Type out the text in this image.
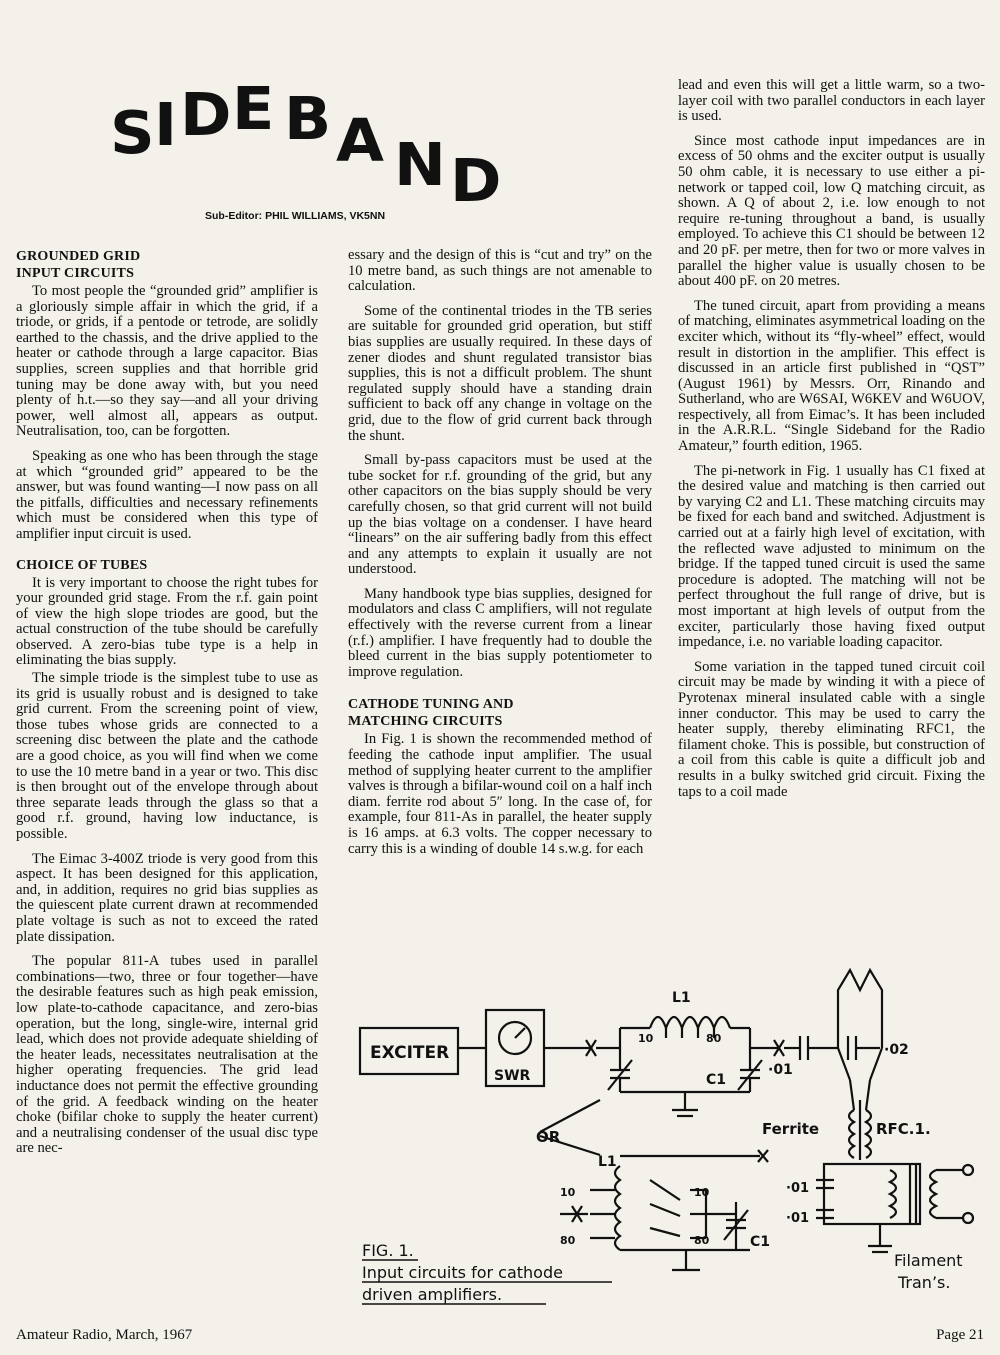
S I D E B A N D
Sub-Editor: PHIL WILLIAMS, VK5NN
GROUNDED GRID
INPUT CIRCUITS

To most people the “grounded grid” amplifier is a gloriously simple affair in which the grid, if a triode, or grids, if a pentode or tetrode, are solidly earthed to the chassis, and the drive applied to the heater or cathode through a large capacitor. Bias supplies, screen supplies and that horrible grid tuning may be done away with, but you need plenty of h.t.—so they say—and all your driving power, well almost all, appears as output. Neutralisation, too, can be forgotten.

Speaking as one who has been through the stage at which “grounded grid” appeared to be the answer, but was found wanting—I now pass on all the pitfalls, difficulties and necessary refinements which must be considered when this type of amplifier input circuit is used.

CHOICE OF TUBES

It is very important to choose the right tubes for your grounded grid stage. From the r.f. gain point of view the high slope triodes are good, but the actual construction of the tube should be carefully observed. A zero-bias tube type is a help in eliminating the bias supply.

The simple triode is the simplest tube to use as its grid is usually robust and is designed to take grid current. From the screening point of view, those tubes whose grids are connected to a screening disc between the plate and the cathode are a good choice, as you will find when we come to use the 10 metre band in a year or two. This disc is then brought out of the envelope through about three separate leads through the glass so that a good r.f. ground, having low inductance, is possible.

The Eimac 3-400Z triode is very good from this aspect. It has been designed for this application, and, in addition, requires no grid bias supplies as the quiescent plate current drawn at recommended plate voltage is such as not to exceed the rated plate dissipation.

The popular 811-A tubes used in parallel combinations—two, three or four together—have the desirable features such as high peak emission, low plate-to-cathode capacitance, and zero-bias operation, but the long, single-wire, internal grid lead, which does not provide adequate shielding of the heater leads, necessitates neutralisation at the higher operating frequencies. The grid lead inductance does not permit the effective grounding of the grid. A feedback winding on the heater choke (bifilar choke to supply the heater current) and a neutralising condenser of the usual disc type are nec-

essary and the design of this is “cut and try” on the 10 metre band, as such things are not amenable to calculation.

Some of the continental triodes in the TB series are suitable for grounded grid operation, but stiff bias supplies are usually required. In these days of zener diodes and shunt regulated transistor bias supplies, this is not a difficult problem. The shunt regulated supply should have a standing drain sufficient to back off any change in voltage on the grid, due to the flow of grid current back through the shunt.

Small by-pass capacitors must be used at the tube socket for r.f. grounding of the grid, but any other capacitors on the bias supply should be very carefully chosen, so that grid current will not build up the bias voltage on a condenser. I have heard “linears” on the air suffering badly from this effect and any attempts to explain it usually are not understood.

Many handbook type bias supplies, designed for modulators and class C amplifiers, will not regulate effectively with the reverse current from a linear (r.f.) amplifier. I have frequently had to double the bleed current in the bias supply potentiometer to improve regulation.

CATHODE TUNING AND
MATCHING CIRCUITS

In Fig. 1 is shown the recommended method of feeding the cathode input amplifier. The usual method of supplying heater current to the amplifier valves is through a bifilar-wound coil on a half inch diam. ferrite rod about 5″ long. In the case of, for example, four 811-As in parallel, the heater supply is 16 amps. at 6.3 volts. The copper necessary to carry this is a winding of double 14 s.w.g. for each

lead and even this will get a little warm, so a two-layer coil with two parallel conductors in each layer is used.

Since most cathode input impedances are in excess of 50 ohms and the exciter output is usually 50 ohm cable, it is necessary to use either a pi-network or tapped coil, low Q matching circuit, as shown. A Q of about 2, i.e. low enough to not require re-tuning throughout a band, is usually employed. To achieve this C1 should be between 12 and 20 pF. per metre, then for two or more valves in parallel the higher value is usually chosen to be about 400 pF. on 20 metres.

The tuned circuit, apart from providing a means of matching, eliminates asymmetrical loading on the exciter which, without its “fly-wheel” effect, would result in distortion in the amplifier. This effect is discussed in an article first published in “QST” (August 1961) by Messrs. Orr, Rinando and Sutherland, who are W6SAI, W6KEV and W6UOV, respectively, all from Eimac’s. It has been included in the A.R.R.L. “Single Sideband for the Radio Amateur,” fourth edition, 1965.

The pi-network in Fig. 1 usually has C1 fixed at the desired value and matching is then carried out by varying C2 and L1. These matching circuits may be fixed for each band and switched. Adjustment is carried out at a fairly high level of excitation, with the reflected wave adjusted to minimum on the bridge. If the tapped tuned circuit is used the same procedure is adopted. The matching will not be perfect throughout the full range of drive, but is most important at high levels of output from the exciter, particularly those having fixed output impedance, i.e. no variable loading capacitor.

Some variation in the tapped tuned circuit coil circuit may be made by winding it with a piece of Pyrotenax mineral insulated cable with a single inner conductor. This may be used to carry the heater supply, thereby eliminating RFC1, the filament choke. This is possible, but construction of a coil from this cable is quite a difficult job and results in a bulky switched grid circuit. Fixing the taps to a coil made

EXCITER
SWR
L1
10	80
C1
·01
·02
OR	Ferrite	RFC.1.
L1
10	10
80	80	C1
·01
·01
FIG. 1.
Input circuits for cathode
driven amplifiers.
Filament
Tran’s.
Amateur Radio, March, 1967	Page 21
